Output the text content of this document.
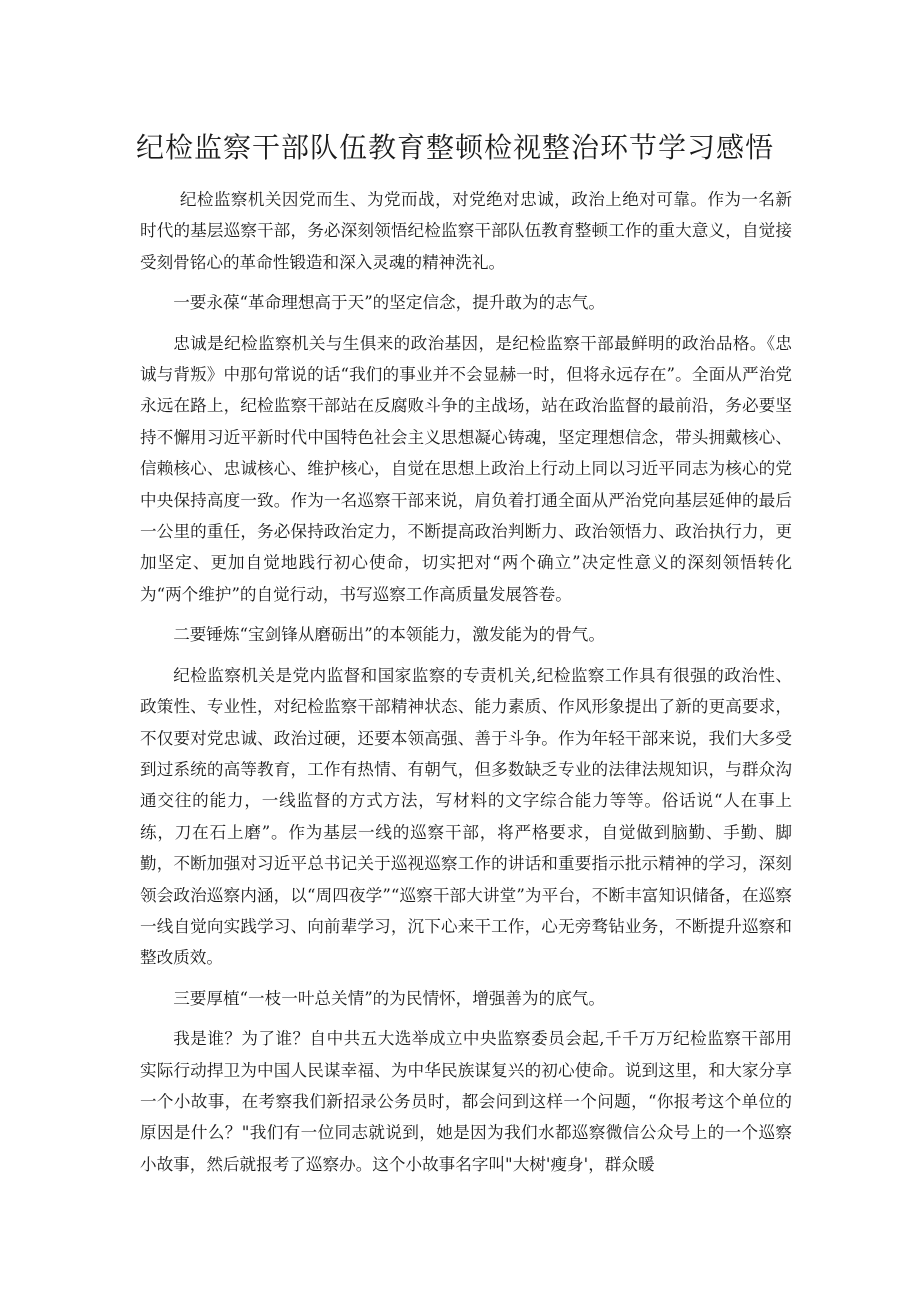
纪检监察干部队伍教育整顿检视整治环节学习感悟

纪检监察机关因党而生、为党而战，对党绝对忠诚，政治上绝对可靠。作为一名新时代的基层巡察干部，务必深刻领悟纪检监察干部队伍教育整顿工作的重大意义，自觉接受刻骨铭心的革命性锻造和深入灵魂的精神洗礼。

一要永葆“革命理想高于天”的坚定信念，提升敢为的志气。

忠诚是纪检监察机关与生俱来的政治基因，是纪检监察干部最鲜明的政治品格。《忠诚与背叛》中那句常说的话“我们的事业并不会显赫一时，但将永远存在”。全面从严治党永远在路上，纪检监察干部站在反腐败斗争的主战场，站在政治监督的最前沿，务必要坚持不懈用习近平新时代中国特色社会主义思想凝心铸魂，坚定理想信念，带头拥戴核心、信赖核心、忠诚核心、维护核心，自觉在思想上政治上行动上同以习近平同志为核心的党中央保持高度一致。作为一名巡察干部来说，肩负着打通全面从严治党向基层延伸的最后一公里的重任，务必保持政治定力，不断提高政治判断力、政治领悟力、政治执行力，更加坚定、更加自觉地践行初心使命，切实把对“两个确立”决定性意义的深刻领悟转化为“两个维护”的自觉行动，书写巡察工作高质量发展答卷。

二要锤炼“宝剑锋从磨砺出”的本领能力，激发能为的骨气。

纪检监察机关是党内监督和国家监察的专责机关,纪检监察工作具有很强的政治性、政策性、专业性，对纪检监察干部精神状态、能力素质、作风形象提出了新的更高要求，不仅要对党忠诚、政治过硬，还要本领高强、善于斗争。作为年轻干部来说，我们大多受到过系统的高等教育，工作有热情、有朝气，但多数缺乏专业的法律法规知识，与群众沟通交往的能力，一线监督的方式方法，写材料的文字综合能力等等。俗话说“人在事上练，刀在石上磨”。作为基层一线的巡察干部，将严格要求，自觉做到脑勤、手勤、脚勤，不断加强对习近平总书记关于巡视巡察工作的讲话和重要指示批示精神的学习，深刻领会政治巡察内涵，以“周四夜学”“巡察干部大讲堂”为平台，不断丰富知识储备，在巡察一线自觉向实践学习、向前辈学习，沉下心来干工作，心无旁骛钻业务，不断提升巡察和整改质效。

三要厚植“一枝一叶总关情”的为民情怀，增强善为的底气。

我是谁？为了谁？自中共五大选举成立中央监察委员会起,千千万万纪检监察干部用实际行动捍卫为中国人民谋幸福、为中华民族谋复兴的初心使命。说到这里，和大家分享一个小故事，在考察我们新招录公务员时，都会问到这样一个问题，“你报考这个单位的原因是什么？"我们有一位同志就说到，她是因为我们水都巡察微信公众号上的一个巡察小故事，然后就报考了巡察办。这个小故事名字叫"大树'瘦身'，群众暖
